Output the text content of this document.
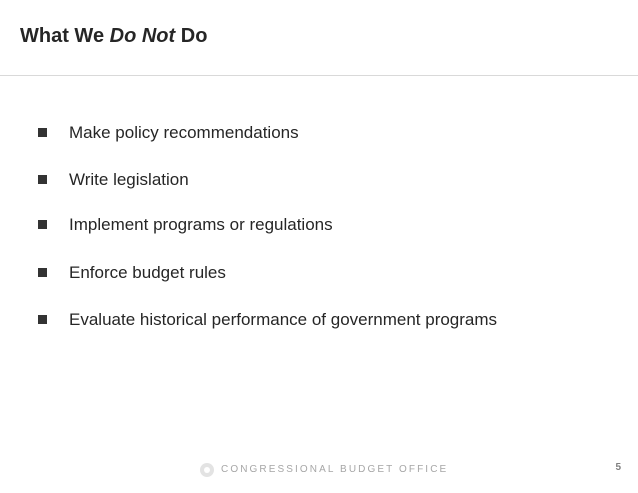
What We Do Not Do
Make policy recommendations
Write legislation
Implement programs or regulations
Enforce budget rules
Evaluate historical performance of government programs
CONGRESSIONAL BUDGET OFFICE	5
